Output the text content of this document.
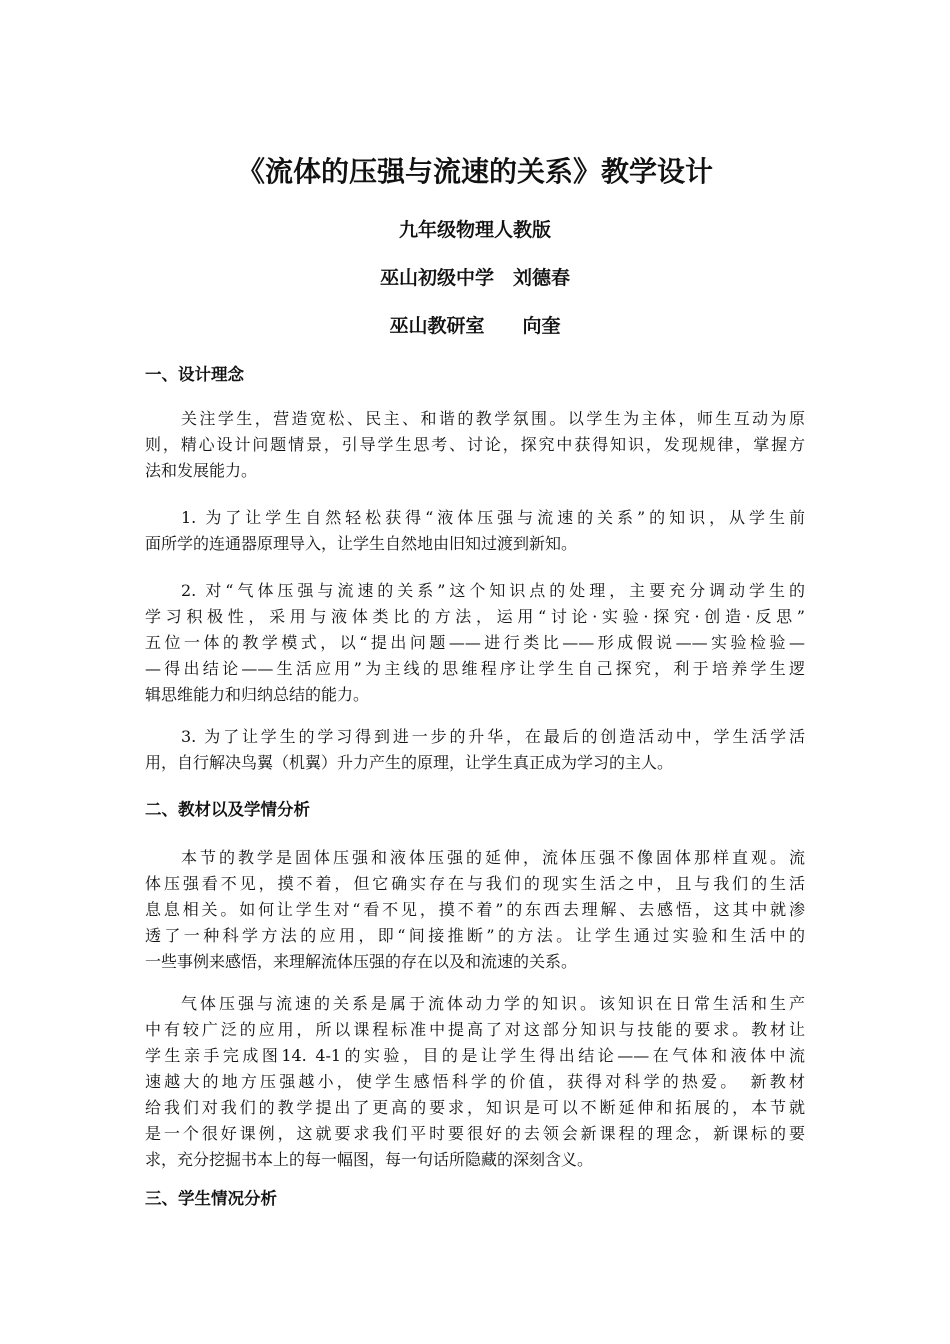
《流体的压强与流速的关系》教学设计
九年级物理人教版
巫山初级中学　刘德春
巫山教研室　　向奎
一、设计理念
关注学生，营造宽松、民主、和谐的教学氛围。以学生为主体，师生互动为原
则，精心设计问题情景，引导学生思考、讨论，探究中获得知识，发现规律，掌握方
法和发展能力。
1. 为了让学生自然轻松获得“液体压强与流速的关系”的知识，从学生前
面所学的连通器原理导入，让学生自然地由旧知过渡到新知。
2. 对“气体压强与流速的关系”这个知识点的处理，主要充分调动学生的
学习积极性，采用与液体类比的方法，运用“讨论·实验·探究·创造·反思”
五位一体的教学模式，以“提出问题——进行类比——形成假说——实验检验—
—得出结论——生活应用”为主线的思维程序让学生自己探究，利于培养学生逻
辑思维能力和归纳总结的能力。
3. 为了让学生的学习得到进一步的升华，在最后的创造活动中，学生活学活
用，自行解决鸟翼（机翼）升力产生的原理，让学生真正成为学习的主人。
二、教材以及学情分析
本节的教学是固体压强和液体压强的延伸，流体压强不像固体那样直观。流
体压强看不见，摸不着，但它确实存在与我们的现实生活之中，且与我们的生活
息息相关。如何让学生对“看不见，摸不着”的东西去理解、去感悟，这其中就渗
透了一种科学方法的应用，即“间接推断”的方法。让学生通过实验和生活中的
一些事例来感悟，来理解流体压强的存在以及和流速的关系。
气体压强与流速的关系是属于流体动力学的知识。该知识在日常生活和生产
中有较广泛的应用，所以课程标准中提高了对这部分知识与技能的要求。教材让
学生亲手完成图14. 4-1的实验，目的是让学生得出结论——在气体和液体中流
速越大的地方压强越小，使学生感悟科学的价值，获得对科学的热爱。　新教材
给我们对我们的教学提出了更高的要求，知识是可以不断延伸和拓展的，本节就
是一个很好课例，这就要求我们平时要很好的去领会新课程的理念，新课标的要
求，充分挖掘书本上的每一幅图，每一句话所隐藏的深刻含义。
三、学生情况分析
